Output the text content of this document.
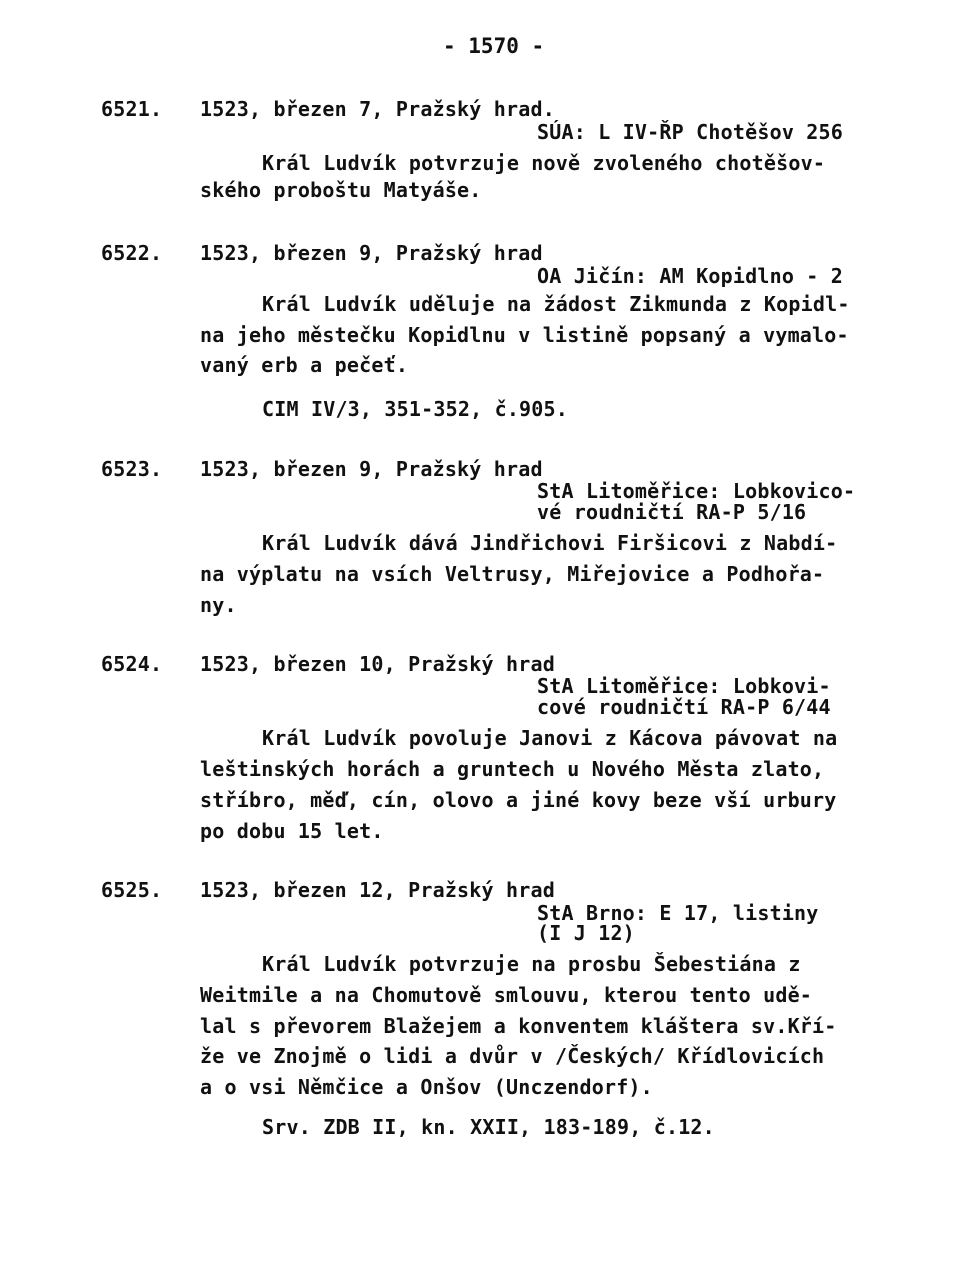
- 1570 -
6521. 1523, březen 7, Pražský hrad.
SÚA: L IV-ŘP Chotěšov 256
Král Ludvík potvrzuje nově zvoleného chotěšov-
ského proboštu Matyáše.
6522. 1523, březen 9, Pražský hrad
OA Jičín: AM Kopidlno - 2
Král Ludvík uděluje na žádost Zikmunda z Kopidl-
na jeho městečku Kopidlnu v listině popsaný a vymalo-
vaný erb a pečeť.
CIM IV/3, 351-352, č.905.
6523. 1523, březen 9, Pražský hrad
StA Litoměřice: Lobkovico-
vé roudničtí RA-P 5/16
Král Ludvík dává Jindřichovi Firšicovi z Nabdí-
na výplatu na vsích Veltrusy, Miřejovice a Podhořa-
ny.
6524. 1523, březen 10, Pražský hrad
StA Litoměřice: Lobkovi-
cové roudničtí RA-P 6/44
Král Ludvík povoluje Janovi z Kácova pávovat na
leštinských horách a gruntech u Nového Města zlato,
stříbro, měď, cín, olovo a jiné kovy beze vší urbury
po dobu 15 let.
6525. 1523, březen 12, Pražský hrad
StA Brno: E 17, listiny
(I J 12)
Král Ludvík potvrzuje na prosbu Šebestiána z
Weitmile a na Chomutově smlouvu, kterou tento udě-
lal s převorem Blažejem a konventem kláštera sv.Kří-
že ve Znojmě o lidi a dvůr v /Českých/ Křídlovicích
a o vsi Němčice a Onšov (Unczendorf).
Srv. ZDB II, kn. XXII, 183-189, č.12.
